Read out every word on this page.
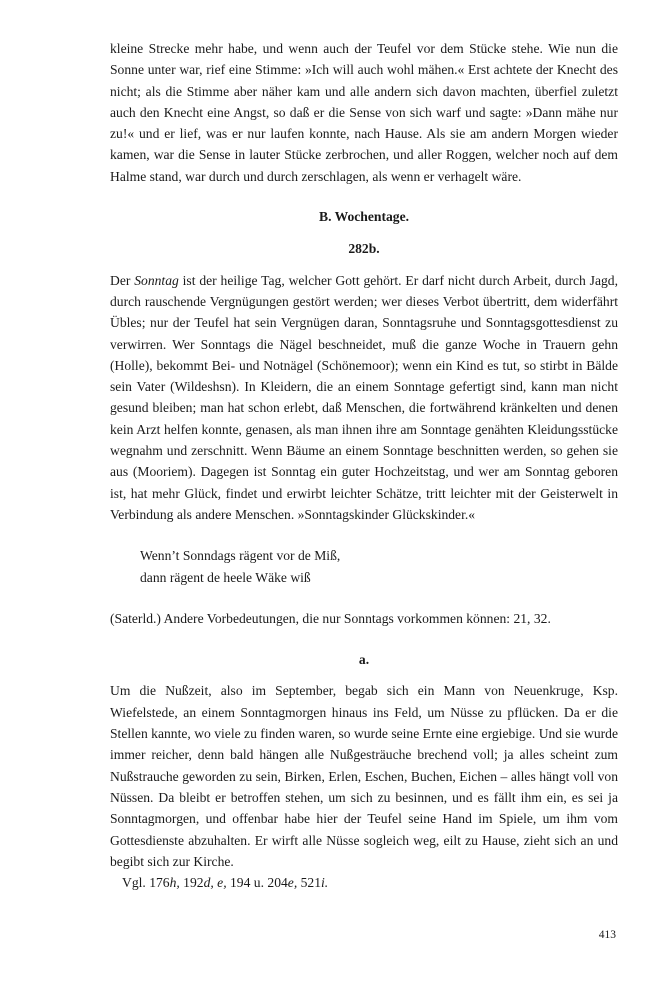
kleine Strecke mehr habe, und wenn auch der Teufel vor dem Stücke stehe. Wie nun die Sonne unter war, rief eine Stimme: »Ich will auch wohl mähen.« Erst achtete der Knecht des nicht; als die Stimme aber näher kam und alle andern sich davon machten, überfiel zuletzt auch den Knecht eine Angst, so daß er die Sense von sich warf und sagte: »Dann mähe nur zu!« und er lief, was er nur laufen konnte, nach Hause. Als sie am andern Morgen wieder kamen, war die Sense in lauter Stücke zerbrochen, und aller Roggen, welcher noch auf dem Halme stand, war durch und durch zerschlagen, als wenn er verhagelt wäre.

B. Wochentage.

282b.

Der Sonntag ist der heilige Tag, welcher Gott gehört. Er darf nicht durch Arbeit, durch Jagd, durch rauschende Vergnügungen gestört werden; wer dieses Verbot übertritt, dem widerfährt Übles; nur der Teufel hat sein Vergnügen daran, Sonntagsruhe und Sonntagsgottesdienst zu verwirren. Wer Sonntags die Nägel beschneidet, muß die ganze Woche in Trauern gehn (Holle), bekommt Bei- und Notnägel (Schönemoor); wenn ein Kind es tut, so stirbt in Bälde sein Vater (Wildeshsn). In Kleidern, die an einem Sonntage gefertigt sind, kann man nicht gesund bleiben; man hat schon erlebt, daß Menschen, die fortwährend kränkelten und denen kein Arzt helfen konnte, genasen, als man ihnen ihre am Sonntage genähten Kleidungsstücke wegnahm und zerschnitt. Wenn Bäume an einem Sonntage beschnitten werden, so gehen sie aus (Mooriem). Dagegen ist Sonntag ein guter Hochzeitstag, und wer am Sonntag geboren ist, hat mehr Glück, findet und erwirbt leichter Schätze, tritt leichter mit der Geisterwelt in Verbindung als andere Menschen. »Sonntagskinder Glückskinder.«

Wenn’t Sonndags rägent vor de Miß,
dann rägent de heele Wäke wiß

(Saterld.) Andere Vorbedeutungen, die nur Sonntags vorkommen können: 21, 32.

a.

Um die Nußzeit, also im September, begab sich ein Mann von Neuenkruge, Ksp. Wiefelstede, an einem Sonntagmorgen hinaus ins Feld, um Nüsse zu pflücken. Da er die Stellen kannte, wo viele zu finden waren, so wurde seine Ernte eine ergiebige. Und sie wurde immer reicher, denn bald hängen alle Nußgesträuche brechend voll; ja alles scheint zum Nußstrauche geworden zu sein, Birken, Erlen, Eschen, Buchen, Eichen – alles hängt voll von Nüssen. Da bleibt er betroffen stehen, um sich zu besinnen, und es fällt ihm ein, es sei ja Sonntagmorgen, und offenbar habe hier der Teufel seine Hand im Spiele, um ihm vom Gottesdienste abzuhalten. Er wirft alle Nüsse sogleich weg, eilt zu Hause, zieht sich an und begibt sich zur Kirche.

Vgl. 176h, 192d, e, 194 u. 204e, 521i.

413
